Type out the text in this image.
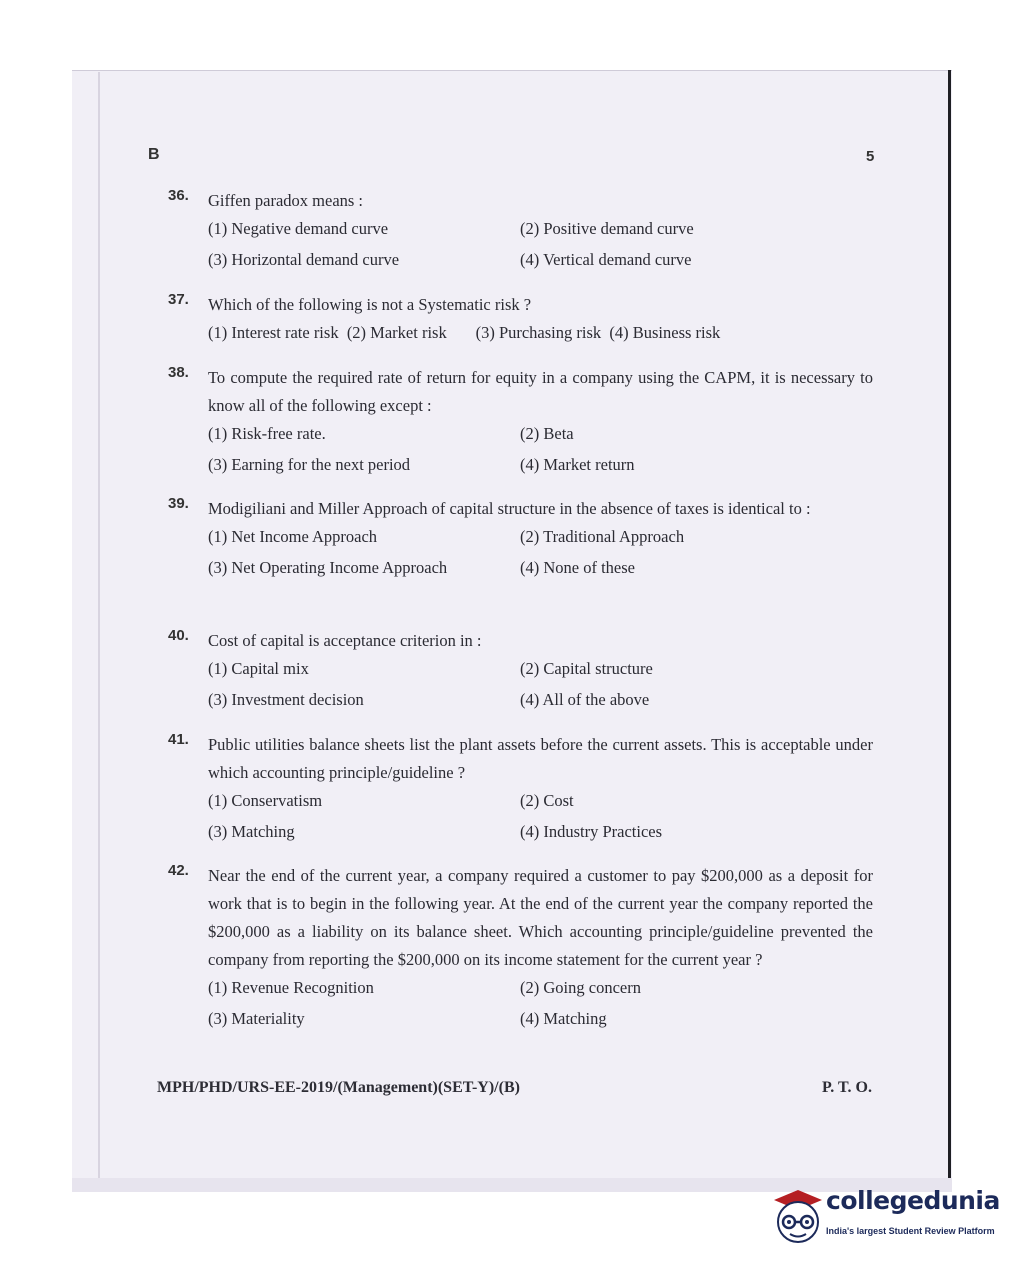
B	5
36. Giffen paradox means :
(1) Negative demand curve	(2) Positive demand curve
(3) Horizontal demand curve	(4) Vertical demand curve
37. Which of the following is not a Systematic risk ?
(1) Interest rate risk  (2) Market risk       (3) Purchasing risk  (4) Business risk
38. To compute the required rate of return for equity in a company using the CAPM, it is necessary to know all of the following except :
(1) Risk-free rate.	(2) Beta
(3) Earning for the next period	(4) Market return
39. Modigiliani and Miller Approach of capital structure in the absence of taxes is identical to :
(1) Net Income Approach	(2) Traditional Approach
(3) Net Operating Income Approach	(4) None of these
40. Cost of capital is acceptance criterion in :
(1) Capital mix	(2) Capital structure
(3) Investment decision	(4) All of the above
41. Public utilities balance sheets list the plant assets before the current assets. This is acceptable under which accounting principle/guideline ?
(1) Conservatism	(2) Cost
(3) Matching	(4) Industry Practices
42. Near the end of the current year, a company required a customer to pay $200,000 as a deposit for work that is to begin in the following year. At the end of the current year the company reported the $200,000 as a liability on its balance sheet. Which accounting principle/guideline prevented the company from reporting the $200,000 on its income statement for the current year ?
(1) Revenue Recognition	(2) Going concern
(3) Materiality	(4) Matching
MPH/PHD/URS-EE-2019/(Management)(SET-Y)/(B)	P. T. O.
collegedunia
India's largest Student Review Platform
